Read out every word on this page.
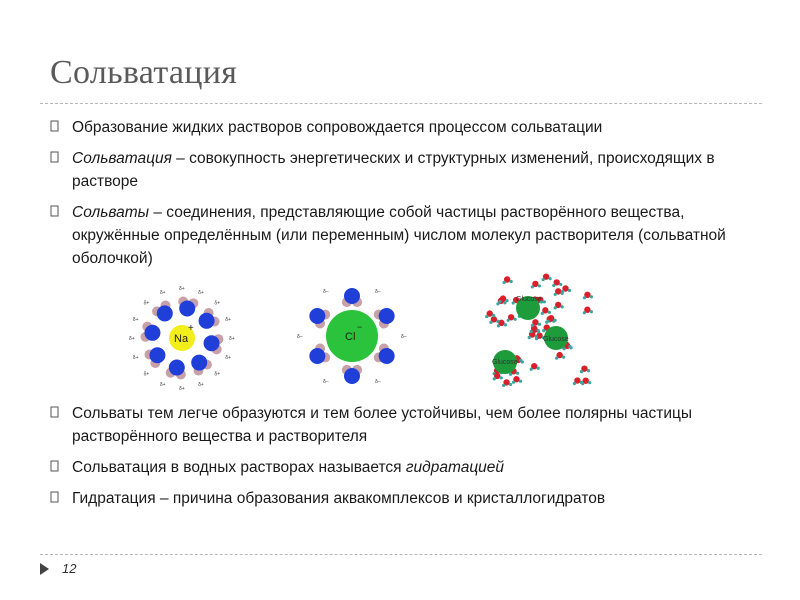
Сольватация
Образование жидких растворов сопровождается процессом сольватации
Сольватация – совокупность энергетических и структурных изменений, происходящих в растворе
Сольваты – соединения, представляющие собой частицы растворённого вещества, окружённые определённым (или переменным) числом молекул растворителя (сольватной оболочкой)
δ+
δ+
δ+
δ+
δ+
δ+
δ+
δ+
δ+
δ+
δ+
δ+
δ+
δ+
δ+
δ+
Na
+
δ–
δ–
δ–
δ–
δ–	δ–
Cl
−
Glucose
Glucose
Glucose
Сольваты тем легче образуются и тем более устойчивы, чем более полярны частицы растворённого вещества и растворителя
Сольватация в водных растворах называется гидратацией
Гидратация – причина образования аквакомплексов и кристаллогидратов
12
